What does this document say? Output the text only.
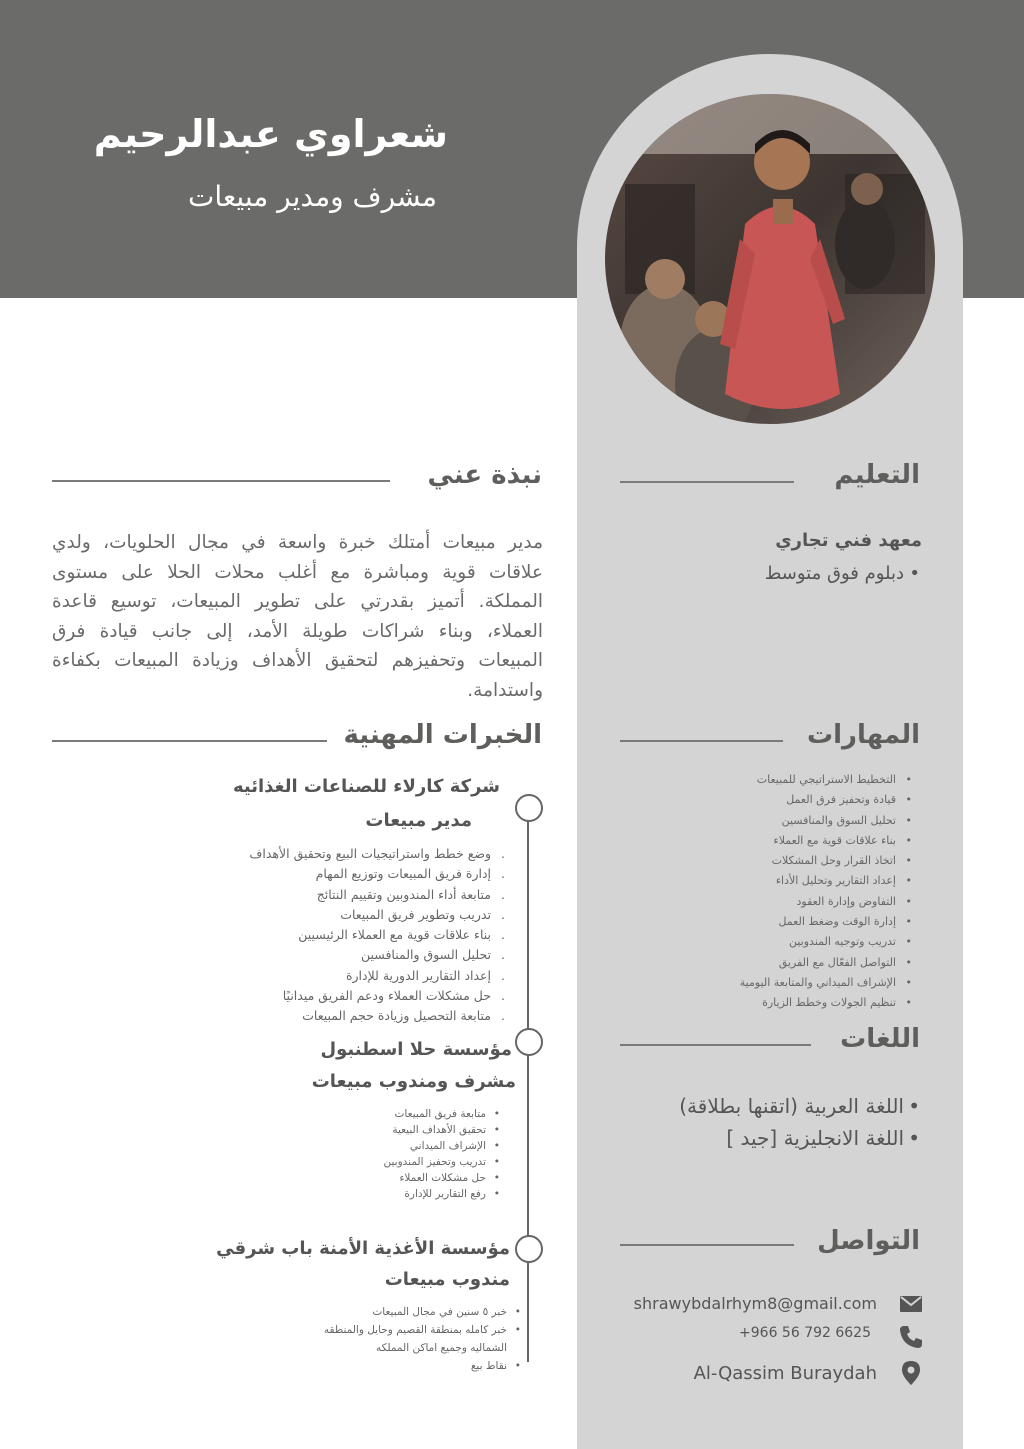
شعراوي عبدالرحيم
مشرف ومدير مبيعات
نبذة عني
مدير مبيعات أمتلك خبرة واسعة في مجال الحلويات، ولدي علاقات قوية ومباشرة مع أغلب محلات الحلا على مستوى المملكة. أتميز بقدرتي على تطوير المبيعات، توسيع قاعدة العملاء، وبناء شراكات طويلة الأمد، إلى جانب قيادة فرق المبيعات وتحفيزهم لتحقيق الأهداف وزيادة المبيعات بكفاءة واستدامة.
التعليم
معهد فني تجاري
• دبلوم فوق متوسط
المهارات
• التخطيط الاستراتيجي للمبيعات
• قيادة وتحفيز فرق العمل
• تحليل السوق والمنافسين
• بناء علاقات قوية مع العملاء
• اتخاذ القرار وحل المشكلات
• إعداد التقارير وتحليل الأداء
• التفاوض وإدارة العقود
• إدارة الوقت وضغط العمل
• تدريب وتوجيه المندوبين
• التواصل الفعّال مع الفريق
• الإشراف الميداني والمتابعة اليومية
• تنظيم الجولات وخطط الزيارة
اللغات
• اللغة العربية (اتقنها بطلاقة)
• اللغة الانجليزية [جيد ]
التواصل
shrawybdalrhym8@gmail.com
+966 56 792 6625
Al-Qassim Buraydah
الخبرات المهنية
شركة كارلاء للصناعات الغذائيه
مدير مبيعات
. وضع خطط واستراتيجيات البيع وتحقيق الأهداف
. إدارة فريق المبيعات وتوزيع المهام
. متابعة أداء المندوبين وتقييم النتائج
. تدريب وتطوير فريق المبيعات
. بناء علاقات قوية مع العملاء الرئيسيين
. تحليل السوق والمنافسين
. إعداد التقارير الدورية للإدارة
. حل مشكلات العملاء ودعم الفريق ميدانيًا
. متابعة التحصيل وزيادة حجم المبيعات
مؤسسة حلا اسطنبول
مشرف ومندوب مبيعات
• متابعة فريق المبيعات
• تحقيق الأهداف البيعية
• الإشراف الميداني
• تدريب وتحفيز المندوبين
• حل مشكلات العملاء
• رفع التقارير للإدارة
مؤسسة الأغذية الأمنة باب شرقي
مندوب مبيعات
• خبر ٥ سنين في مجال المبيعات
• خبر كامله بمنطقة القصيم وحايل والمنطقه الشماليه وجميع اماكن المملكه
• نقاط بيع
